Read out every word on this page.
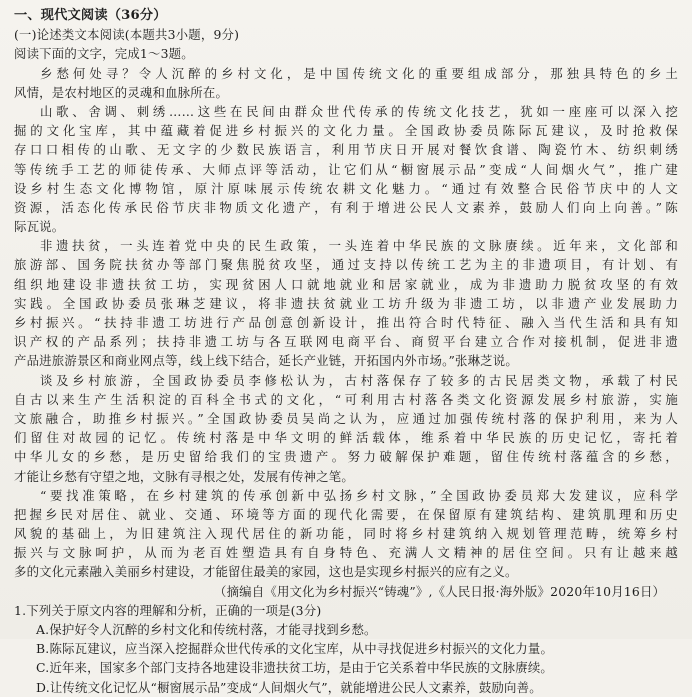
一、现代文阅读（36分）
(一)论述类文本阅读(本题共3小题，9分)
阅读下面的文字，完成1～3题。
乡愁何处寻？令人沉醉的乡村文化，是中国传统文化的重要组成部分，那独具特色的乡土
风情，是农村地区的灵魂和血脉所在。
山歌、舍调、刺绣……这些在民间由群众世代传承的传统文化技艺，犹如一座座可以深入挖
掘的文化宝库，其中蕴藏着促进乡村振兴的文化力量。全国政协委员陈际瓦建议，及时抢救保
存口口相传的山歌、无文字的少数民族语言，利用节庆日开展对餐饮食谱、陶瓷竹木、纺织刺绣
等传统手工艺的师徒传承、大师点评等活动，让它们从“橱窗展示品”变成“人间烟火气”，推广建
设乡村生态文化博物馆，原汁原味展示传统农耕文化魅力。“通过有效整合民俗节庆中的人文
资源，活态化传承民俗节庆非物质文化遗产，有利于增进公民人文素养，鼓励人们向上向善。”陈
际瓦说。
非遗扶贫，一头连着党中央的民生政策，一头连着中华民族的文脉赓续。近年来，文化部和
旅游部、国务院扶贫办等部门聚焦脱贫攻坚，通过支持以传统工艺为主的非遗项目，有计划、有
组织地建设非遗扶贫工坊，实现贫困人口就地就业和居家就业，成为非遗助力脱贫攻坚的有效
实践。全国政协委员张琳芝建议，将非遗扶贫就业工坊升级为非遗工坊，以非遗产业发展助力
乡村振兴。“扶持非遗工坊进行产品创意创新设计，推出符合时代特征、融入当代生活和具有知
识产权的产品系列；扶持非遗工坊与各互联网电商平台、商贸平台建立合作对接机制，促进非遗
产品进旅游景区和商业网点等，线上线下结合，延长产业链，开拓国内外市场。”张琳芝说。
谈及乡村旅游，全国政协委员李修松认为，古村落保存了较多的古民居类文物，承载了村民
自古以来生产生活积淀的百科全书式的文化，“可利用古村落各类文化资源发展乡村旅游，实施
文旅融合，助推乡村振兴。”全国政协委员吴尚之认为，应通过加强传统村落的保护利用，来为人
们留住对故园的记忆。传统村落是中华文明的鲜活载体，维系着中华民族的历史记忆，寄托着
中华儿女的乡愁，是历史留给我们的宝贵遗产。努力破解保护难题，留住传统村落蕴含的乡愁，
才能让乡愁有守望之地，文脉有寻根之处，发展有传神之笔。
“要找准策略，在乡村建筑的传承创新中弘扬乡村文脉，”全国政协委员郑大发建议，应科学
把握乡民对居住、就业、交通、环境等方面的现代化需要，在保留原有建筑结构、建筑肌理和历史
风貌的基础上，为旧建筑注入现代居住的新功能，同时将乡村建筑纳入规划管理范畴，统筹乡村
振兴与文脉呵护，从而为老百姓塑造具有自身特色、充满人文精神的居住空间。只有让越来越
多的文化元素融入美丽乡村建设，才能留住最美的家园，这也是实现乡村振兴的应有之义。
（摘编自《用文化为乡村振兴“铸魂”》,《人民日报·海外版》2020年10月16日）
1.下列关于原文内容的理解和分析，正确的一项是(3分)
A.保护好令人沉醉的乡村文化和传统村落，才能寻找到乡愁。
B.陈际瓦建议，应当深入挖掘群众世代传承的文化宝库，从中寻找促进乡村振兴的文化力量。
C.近年来，国家多个部门支持各地建设非遗扶贫工坊，是由于它关系着中华民族的文脉赓续。
D.让传统文化记忆从“橱窗展示品”变成“人间烟火气”，就能增进公民人文素养，鼓励向善。
